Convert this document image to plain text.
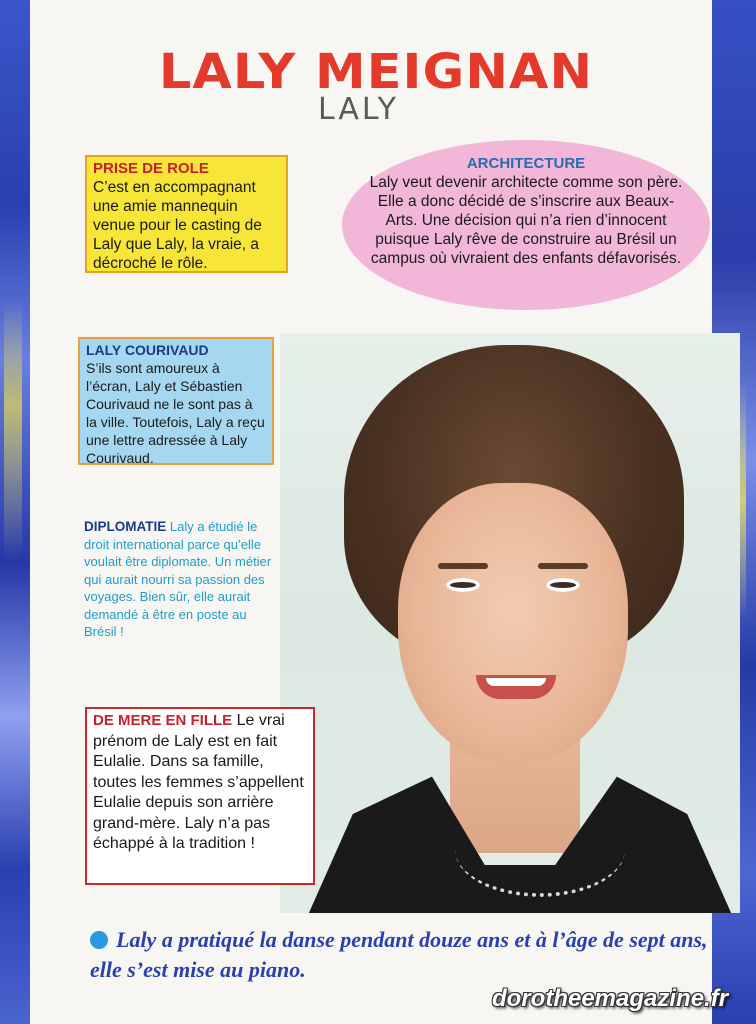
LALY MEIGNAN
LALY
PRISE DE ROLE
C’est en accompagnant une amie mannequin venue pour le casting de Laly que Laly, la vraie, a décroché le rôle.
ARCHITECTURE
Laly veut devenir architecte comme son père. Elle a donc décidé de s’inscrire aux Beaux-Arts. Une décision qui n’a rien d’innocent puisque Laly rêve de construire au Brésil un campus où vivraient des enfants défavorisés.
LALY COURIVAUD
S’ils sont amoureux à l’écran, Laly et Sébastien Courivaud ne le sont pas à la ville. Toutefois, Laly a reçu une lettre adressée à Laly Courivaud.
DIPLOMATIE Laly a étudié le droit international parce qu’elle voulait être diplomate. Un métier qui aurait nourri sa passion des voyages. Bien sûr, elle aurait demandé à être en poste au Brésil !
DE MERE EN FILLE Le vrai prénom de Laly est en fait Eulalie. Dans sa famille, toutes les femmes s’appellent Eulalie depuis son arrière grand-mère. Laly n’a pas échappé à la tradition !
Laly a pratiqué la danse pendant douze ans et à l’âge de sept ans, elle s’est mise au piano.
dorotheemagazine.fr
